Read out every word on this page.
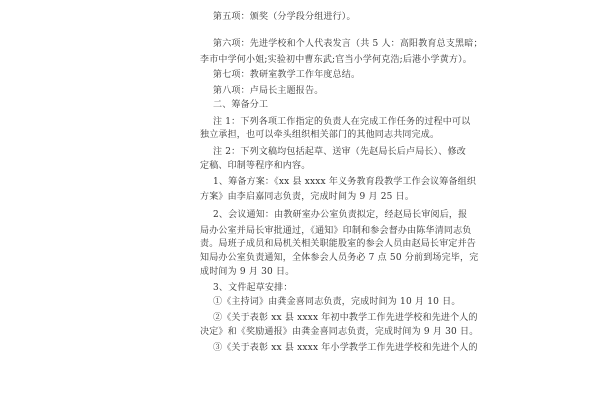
第五项：颁奖（分学段分组进行）。
第六项：先进学校和个人代表发言（共 5 人：高阳教育总支黑暗；
李市中学何小姐;实验初中曹东武;官当小学何克浩;后港小学黄方）。
第七项：教研室教学工作年度总结。
第八项：卢局长主题报告。
二、筹备分工
注 1：下列各项工作指定的负责人在完成工作任务的过程中可以
独立承担，也可以牵头组织相关部门的其他同志共同完成。
注 2：下列文稿均包括起草、送审（先赵局长后卢局长）、修改
定稿、印制等程序和内容。
1、筹备方案：《xx 县 xxxx 年义务教育段教学工作会议筹备组织
方案》由李启嘉同志负责，完成时间为 9 月 25 日。
2、会议通知：由教研室办公室负责拟定，经赵局长审阅后，报
局办公室并局长审批通过，《通知》印制和参会督办由陈华清同志负
责。局班子成员和局机关相关职能股室的参会人员由赵局长审定并告
知局办公室负责通知，全体参会人员务必 7 点 50 分前到场完毕，完
成时间为 9 月 30 日。
3、文件起草安排：
①《主持词》由龚金喜同志负责，完成时间为 10 月 10 日。
②《关于表彰 xx 县 xxxx 年初中教学工作先进学校和先进个人的
决定》和《奖励通报》由龚金喜同志负责，完成时间为 9 月 30 日。
③《关于表彰 xx 县 xxxx 年小学教学工作先进学校和先进个人的
